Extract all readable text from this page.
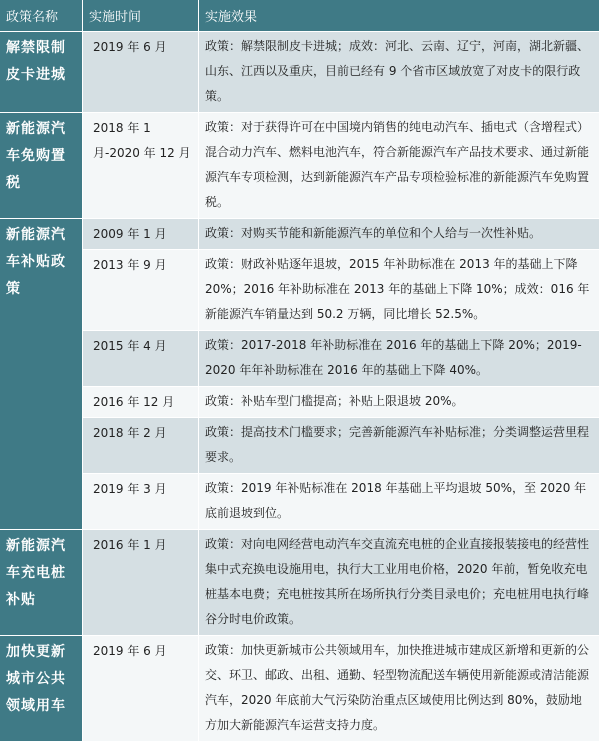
政策名称	实施时间	实施效果
解禁限制皮卡进城	2019 年 6 月	政策：解禁限制皮卡进城；成效：河北、云南、辽宁，河南，湖北新疆、山东、江西以及重庆，目前已经有 9 个省市区域放宽了对皮卡的限行政策。
新能源汽车免购置税	2018 年 1 月-2020 年 12 月	政策：对于获得许可在中国境内销售的纯电动汽车、插电式（含增程式）混合动力汽车、燃料电池汽车，符合新能源汽车产品技术要求、通过新能源汽车专项检测，达到新能源汽车产品专项检验标准的新能源汽车免购置税。
新能源汽车补贴政策	2009 年 1 月	政策：对购买节能和新能源汽车的单位和个人给与一次性补贴。
	2013 年 9 月	政策：财政补贴逐年退坡，2015 年补助标准在 2013 年的基础上下降 20%；2016 年补助标准在 2013 年的基础上下降 10%；成效：016 年新能源汽车销量达到 50.2 万辆，同比增长 52.5%。
	2015 年 4 月	政策：2017-2018 年补助标准在 2016 年的基础上下降 20%；2019-2020 年年补助标准在 2016 年的基础上下降 40%。
	2016 年 12 月	政策：补贴车型门槛提高；补贴上限退坡 20%。
	2018 年 2 月	政策：提高技术门槛要求；完善新能源汽车补贴标准；分类调整运营里程要求。
	2019 年 3 月	政策：2019 年补贴标准在 2018 年基础上平均退坡 50%，至 2020 年底前退坡到位。
新能源汽车充电桩补贴	2016 年 1 月	政策：对向电网经营电动汽车交直流充电桩的企业直接报装接电的经营性集中式充换电设施用电，执行大工业用电价格，2020 年前，暂免收充电桩基本电费；充电桩按其所在场所执行分类目录电价；充电桩用电执行峰谷分时电价政策。
加快更新城市公共领域用车	2019 年 6 月	政策：加快更新城市公共领域用车，加快推进城市建成区新增和更新的公交、环卫、邮政、出租、通勤、轻型物流配送车辆使用新能源或清洁能源汽车，2020 年底前大气污染防治重点区域使用比例达到 80%，鼓励地方加大新能源汽车运营支持力度。
